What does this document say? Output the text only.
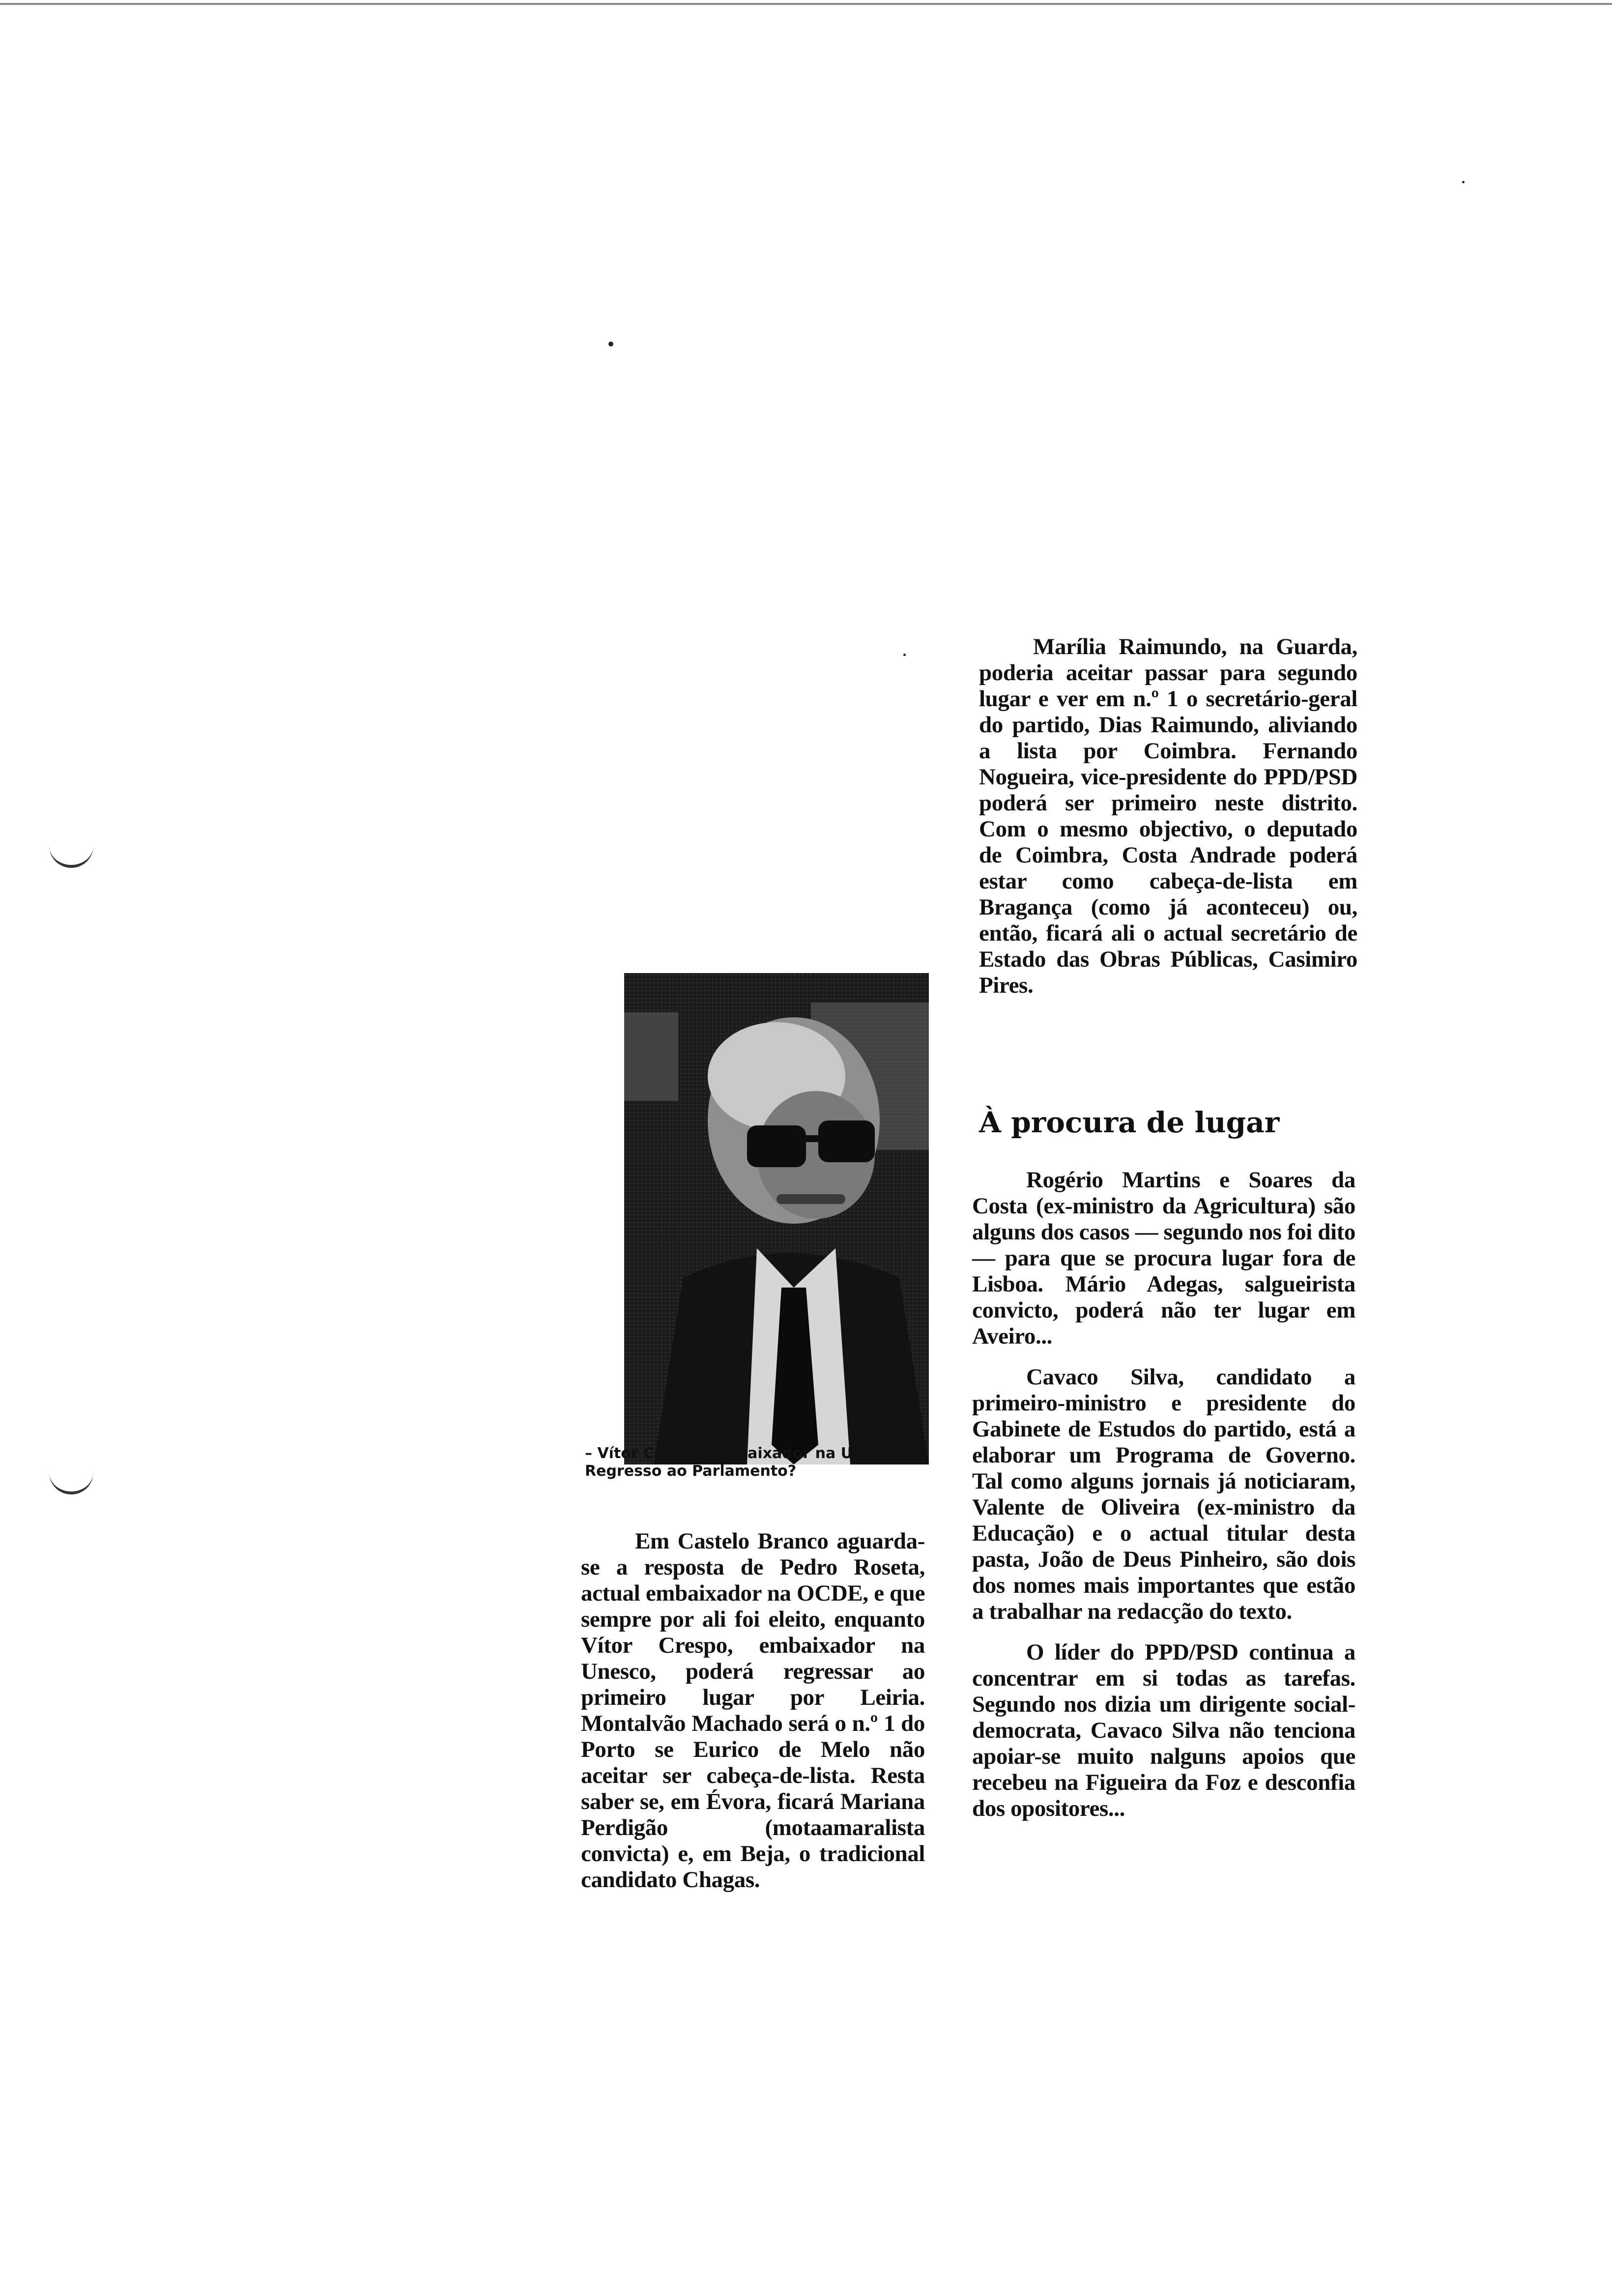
– Vítor Crespo, embaixador na Unesco —
Regresso ao Parlamento?

Marília Raimundo, na Guarda, poderia aceitar passar para segundo lugar e ver em n.º 1 o secretário-geral do partido, Dias Raimundo, aliviando a lista por Coimbra. Fernando Nogueira, vice-presidente do PPD/PSD poderá ser primeiro neste distrito. Com o mesmo objectivo, o deputado de Coimbra, Costa Andrade poderá estar como cabeça-de-lista em Bragança (como já aconteceu) ou, então, ficará ali o actual secretário de Estado das Obras Públicas, Casimiro Pires.

À procura de lugar

Rogério Martins e Soares da Costa (ex-ministro da Agricultura) são alguns dos casos — segundo nos foi dito — para que se procura lugar fora de Lisboa. Mário Adegas, salgueirista convicto, poderá não ter lugar em Aveiro...

Cavaco Silva, candidato a primeiro-ministro e presidente do Gabinete de Estudos do partido, está a elaborar um Programa de Governo. Tal como alguns jornais já noticiaram, Valente de Oliveira (ex-ministro da Educação) e o actual titular desta pasta, João de Deus Pinheiro, são dois dos nomes mais importantes que estão a trabalhar na redacção do texto.

O líder do PPD/PSD continua a concentrar em si todas as tarefas. Segundo nos dizia um dirigente social-democrata, Cavaco Silva não tenciona apoiar-se muito nalguns apoios que recebeu na Figueira da Foz e desconfia dos opositores...

Em Castelo Branco aguarda-se a resposta de Pedro Roseta, actual embaixador na OCDE, e que sempre por ali foi eleito, enquanto Vítor Crespo, embaixador na Unesco, poderá regressar ao primeiro lugar por Leiria. Montalvão Machado será o n.º 1 do Porto se Eurico de Melo não aceitar ser cabeça-de-lista. Resta saber se, em Évora, ficará Mariana Perdigão (motaamaralista convicta) e, em Beja, o tradicional candidato Chagas.
